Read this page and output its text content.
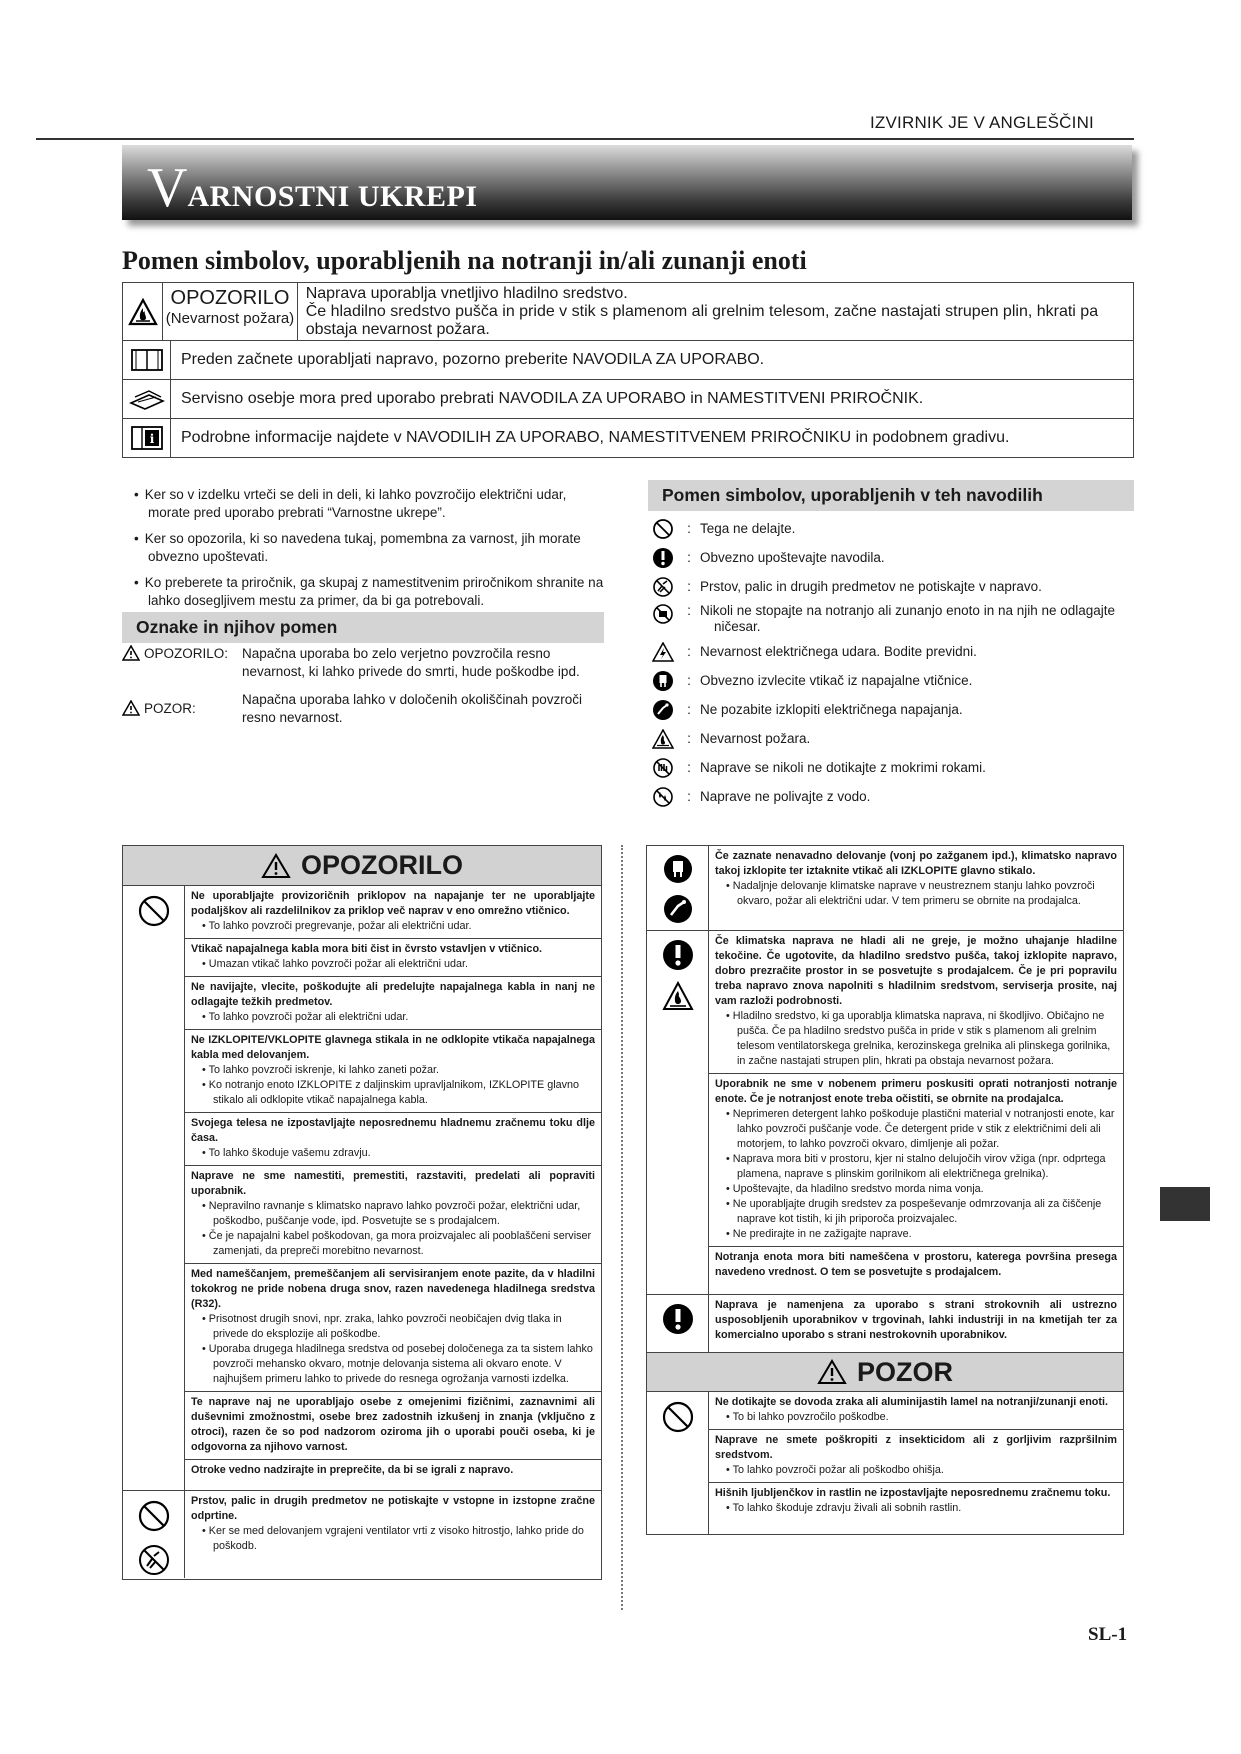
IZVIRNIK JE V ANGLEŠČINI
VARNOSTNI UKREPI
Pomen simbolov, uporabljenih na notranji in/ali zunanji enoti
OPOZORILO
(Nevarnost požara)
Naprava uporablja vnetljivo hladilno sredstvo.
Če hladilno sredstvo pušča in pride v stik s plamenom ali grelnim telesom, začne nastajati strupen plin, hkrati pa obstaja nevarnost požara.
Preden začnete uporabljati napravo, pozorno preberite NAVODILA ZA UPORABO.
Servisno osebje mora pred uporabo prebrati NAVODILA ZA UPORABO in NAMESTITVENI PRIROČNIK.
i	Podrobne informacije najdete v NAVODILIH ZA UPORABO, NAMESTITVENEM PRIROČNIKU in podobnem gradivu.
• Ker so v izdelku vrteči se deli in deli, ki lahko povzročijo električni udar, morate pred uporabo prebrati “Varnostne ukrepe”.
• Ker so opozorila, ki so navedena tukaj, pomembna za varnost, jih morate obvezno upoštevati.
• Ko preberete ta priročnik, ga skupaj z namestitvenim priročnikom shranite na lahko dosegljivem mestu za primer, da bi ga potrebovali.
Oznake in njihov pomen
OPOZORILO: Napačna uporaba bo zelo verjetno povzročila resno nevarnost, ki lahko privede do smrti, hude poškodbe ipd.
POZOR:
Napačna uporaba lahko v določenih okoliščinah povzroči resno nevarnost.
Pomen simbolov, uporabljenih v teh navodilih
: Tega ne delajte.
: Obvezno upoštevajte navodila.
: Prstov, palic in drugih predmetov ne potiskajte v napravo.
: Nikoli ne stopajte na notranjo ali zunanjo enoto in na njih ne odlagajte ničesar.
: Nevarnost električnega udara. Bodite previdni.
: Obvezno izvlecite vtikač iz napajalne vtičnice.
: Ne pozabite izklopiti električnega napajanja.
: Nevarnost požara.
: Naprave se nikoli ne dotikajte z mokrimi rokami.
: Naprave ne polivajte z vodo.
OPOZORILO
Ne uporabljajte provizoričnih priklopov na napajanje ter ne uporabljajte podaljškov ali razdelilnikov za priklop več naprav v eno omrežno vtičnico.
• To lahko povzroči pregrevanje, požar ali električni udar.
Vtikač napajalnega kabla mora biti čist in čvrsto vstavljen v vtičnico.
• Umazan vtikač lahko povzroči požar ali električni udar.
Ne navijajte, vlecite, poškodujte ali predelujte napajalnega kabla in nanj ne odlagajte težkih predmetov.
• To lahko povzroči požar ali električni udar.
Ne IZKLOPITE/VKLOPITE glavnega stikala in ne odklopite vtikača napajalnega kabla med delovanjem.
• To lahko povzroči iskrenje, ki lahko zaneti požar.
• Ko notranjo enoto IZKLOPITE z daljinskim upravljalnikom, IZKLOPITE glavno stikalo ali odklopite vtikač napajalnega kabla.
Svojega telesa ne izpostavljajte neposrednemu hladnemu zračnemu toku dlje časa.
• To lahko škoduje vašemu zdravju.
Naprave ne sme namestiti, premestiti, razstaviti, predelati ali popraviti uporabnik.
• Nepravilno ravnanje s klimatsko napravo lahko povzroči požar, električni udar, poškodbo, puščanje vode, ipd. Posvetujte se s prodajalcem.
• Če je napajalni kabel poškodovan, ga mora proizvajalec ali pooblaščeni serviser zamenjati, da prepreči morebitno nevarnost.
Med nameščanjem, premeščanjem ali servisiranjem enote pazite, da v hladilni tokokrog ne pride nobena druga snov, razen navedenega hladilnega sredstva (R32).
• Prisotnost drugih snovi, npr. zraka, lahko povzroči neobičajen dvig tlaka in privede do eksplozije ali poškodbe.
• Uporaba drugega hladilnega sredstva od posebej določenega za ta sistem lahko povzroči mehansko okvaro, motnje delovanja sistema ali okvaro enote. V najhujšem primeru lahko to privede do resnega ogrožanja varnosti izdelka.
Te naprave naj ne uporabljajo osebe z omejenimi fizičnimi, zaznavnimi ali duševnimi zmožnostmi, osebe brez zadostnih izkušenj in znanja (vključno z otroci), razen če so pod nadzorom oziroma jih o uporabi pouči oseba, ki je odgovorna za njihovo varnost.
Otroke vedno nadzirajte in preprečite, da bi se igrali z napravo.
Prstov, palic in drugih predmetov ne potiskajte v vstopne in izstopne zračne odprtine.
• Ker se med delovanjem vgrajeni ventilator vrti z visoko hitrostjo, lahko pride do poškodb.
Če zaznate nenavadno delovanje (vonj po zažganem ipd.), klimatsko napravo takoj izklopite ter iztaknite vtikač ali IZKLOPITE glavno stikalo.
• Nadaljnje delovanje klimatske naprave v neustreznem stanju lahko povzroči okvaro, požar ali električni udar. V tem primeru se obrnite na prodajalca.
Če klimatska naprava ne hladi ali ne greje, je možno uhajanje hladilne tekočine. Če ugotovite, da hladilno sredstvo pušča, takoj izklopite napravo, dobro prezračite prostor in se posvetujte s prodajalcem. Če je pri popravilu treba napravo znova napolniti s hladilnim sredstvom, serviserja prosite, naj vam razloži podrobnosti.
• Hladilno sredstvo, ki ga uporablja klimatska naprava, ni škodljivo. Običajno ne pušča. Če pa hladilno sredstvo pušča in pride v stik s plamenom ali grelnim telesom ventilatorskega grelnika, kerozinskega grelnika ali plinskega gorilnika, in začne nastajati strupen plin, hkrati pa obstaja nevarnost požara.
Uporabnik ne sme v nobenem primeru poskusiti oprati notranjosti notranje enote. Če je notranjost enote treba očistiti, se obrnite na prodajalca.
• Neprimeren detergent lahko poškoduje plastični material v notranjosti enote, kar lahko povzroči puščanje vode. Če detergent pride v stik z električnimi deli ali motorjem, to lahko povzroči okvaro, dimljenje ali požar.
• Naprava mora biti v prostoru, kjer ni stalno delujočih virov vžiga (npr. odprtega plamena, naprave s plinskim gorilnikom ali električnega grelnika).
• Upoštevajte, da hladilno sredstvo morda nima vonja.
• Ne uporabljajte drugih sredstev za pospeševanje odmrzovanja ali za čiščenje naprave kot tistih, ki jih priporoča proizvajalec.
• Ne predirajte in ne zažigajte naprave.
Notranja enota mora biti nameščena v prostoru, katerega površina presega navedeno vrednost. O tem se posvetujte s prodajalcem.
Naprava je namenjena za uporabo s strani strokovnih ali ustrezno usposobljenih uporabnikov v trgovinah, lahki industriji in na kmetijah ter za komercialno uporabo s strani nestrokovnih uporabnikov.
POZOR
Ne dotikajte se dovoda zraka ali aluminijastih lamel na notranji/zunanji enoti.
• To bi lahko povzročilo poškodbe.
Naprave ne smete poškropiti z insekticidom ali z gorljivim razpršilnim sredstvom.
• To lahko povzroči požar ali poškodbo ohišja.
Hišnih ljubljenčkov in rastlin ne izpostavljajte neposrednemu zračnemu toku.
• To lahko škoduje zdravju živali ali sobnih rastlin.
SL-1
